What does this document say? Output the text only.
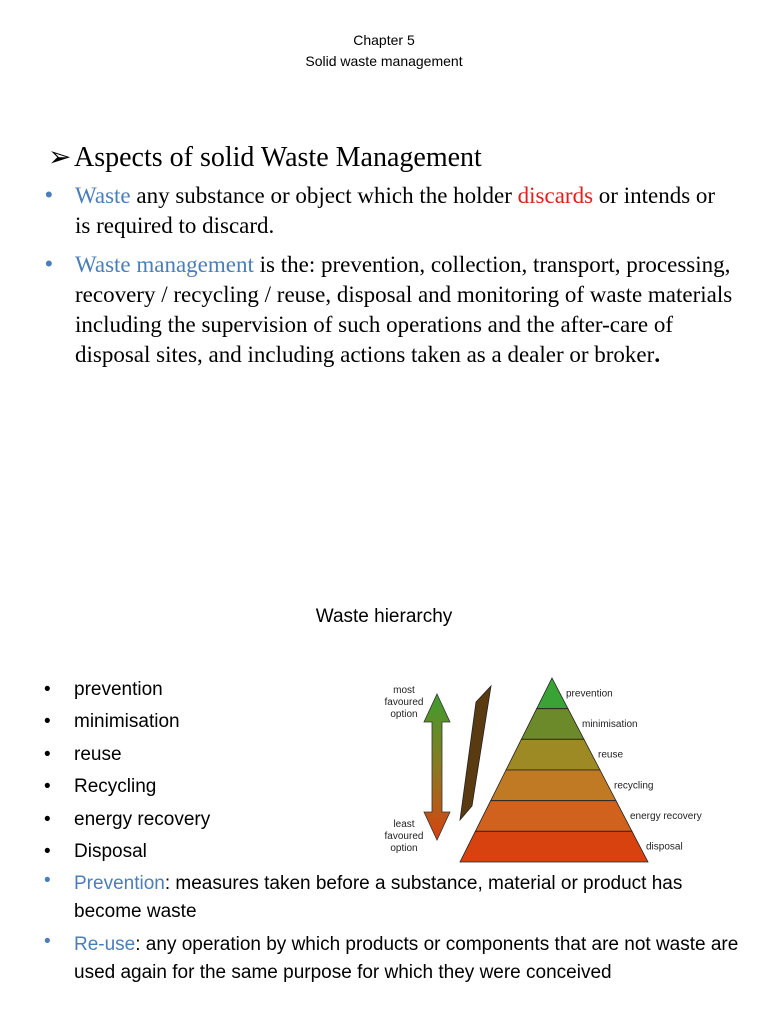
Chapter 5
Solid waste management
➢Aspects of solid Waste Management
• Waste any substance or object which the holder discards or intends or is required to discard.
• Waste management is the: prevention, collection, transport, processing, recovery / recycling / reuse, disposal and monitoring of waste materials including the supervision of such operations and the after-care of disposal sites, and including actions taken as a dealer or broker.
Waste hierarchy
• prevention
• minimisation
• reuse
• Recycling
• energy recovery
• Disposal
most
favoured
option
least
favoured
option
prevention
minimisation
reuse
recycling
energy recovery
disposal
• Prevention: measures taken before a substance, material or product has become waste
• Re-use: any operation by which products or components that are not waste are used again for the same purpose for which they were conceived
